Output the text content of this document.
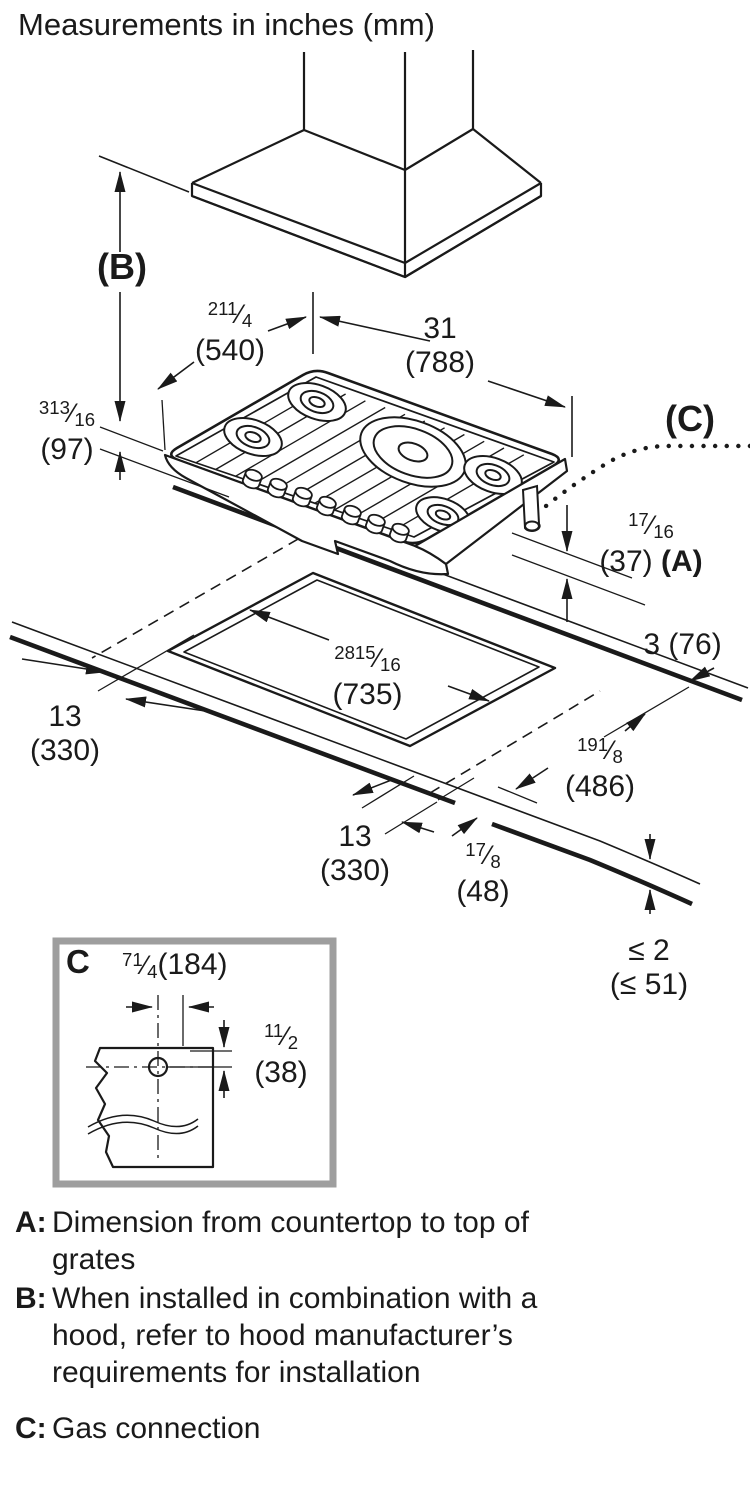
Measurements in inches (mm)
(B)
$^{211}⁄_4$
(540)
31
(788)
$^{313}⁄_{16}$
(97)
(C)
$^{17}⁄_{16}$
(37) (A)
$^{2815}⁄_{16}$
(735)
3 (76)
13
(330)	$^{191}⁄_8$
(486)
13
(330)
$^{17}⁄_8$
(48)
≤ 2
(≤ 51)
C $^{71}⁄_4(184)$
$^{11}⁄_2$
(38)
A: Dimension from countertop to top of grates
B: When installed in combination with a hood, refer to hood manufacturer’s requirements for installation
C: Gas connection
